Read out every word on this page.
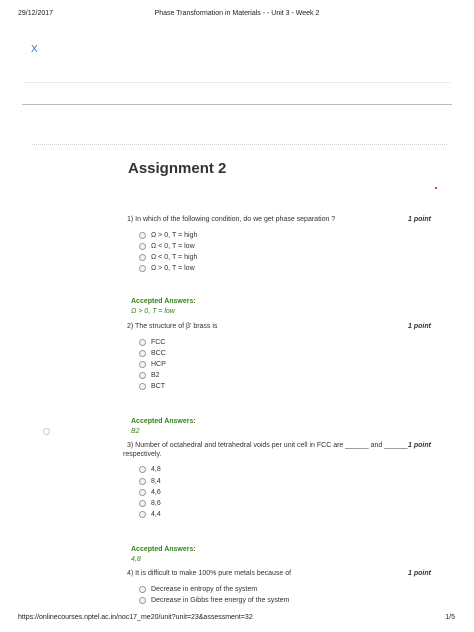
29/12/2017	Phase Transformation in Materials - - Unit 3 - Week 2
X
Assignment 2
1) In which of the following condition, do we get phase separation ?	1 point
Ω > 0, T = high
Ω < 0, T = low
Ω < 0, T = high
Ω > 0, T = low
Accepted Answers:
Ω > 0, T = low
2) The structure of β' brass is	1 point
FCC
BCC
HCP
B2
BCT
Accepted Answers:
B2
3) Number of octahedral and tetrahedral voids per unit cell in FCC are ______ and ______
respectively.
1 point
4,8
8,4
4,6
8,6
4,4
Accepted Answers:
4,8
4) It is difficult to make 100% pure metals because of	1 point
Decrease in entropy of the system
Decrease in Gibbs free energy of the system
https://onlinecourses.nptel.ac.in/noc17_me20/unit?unit=23&assessment=32	1/5
